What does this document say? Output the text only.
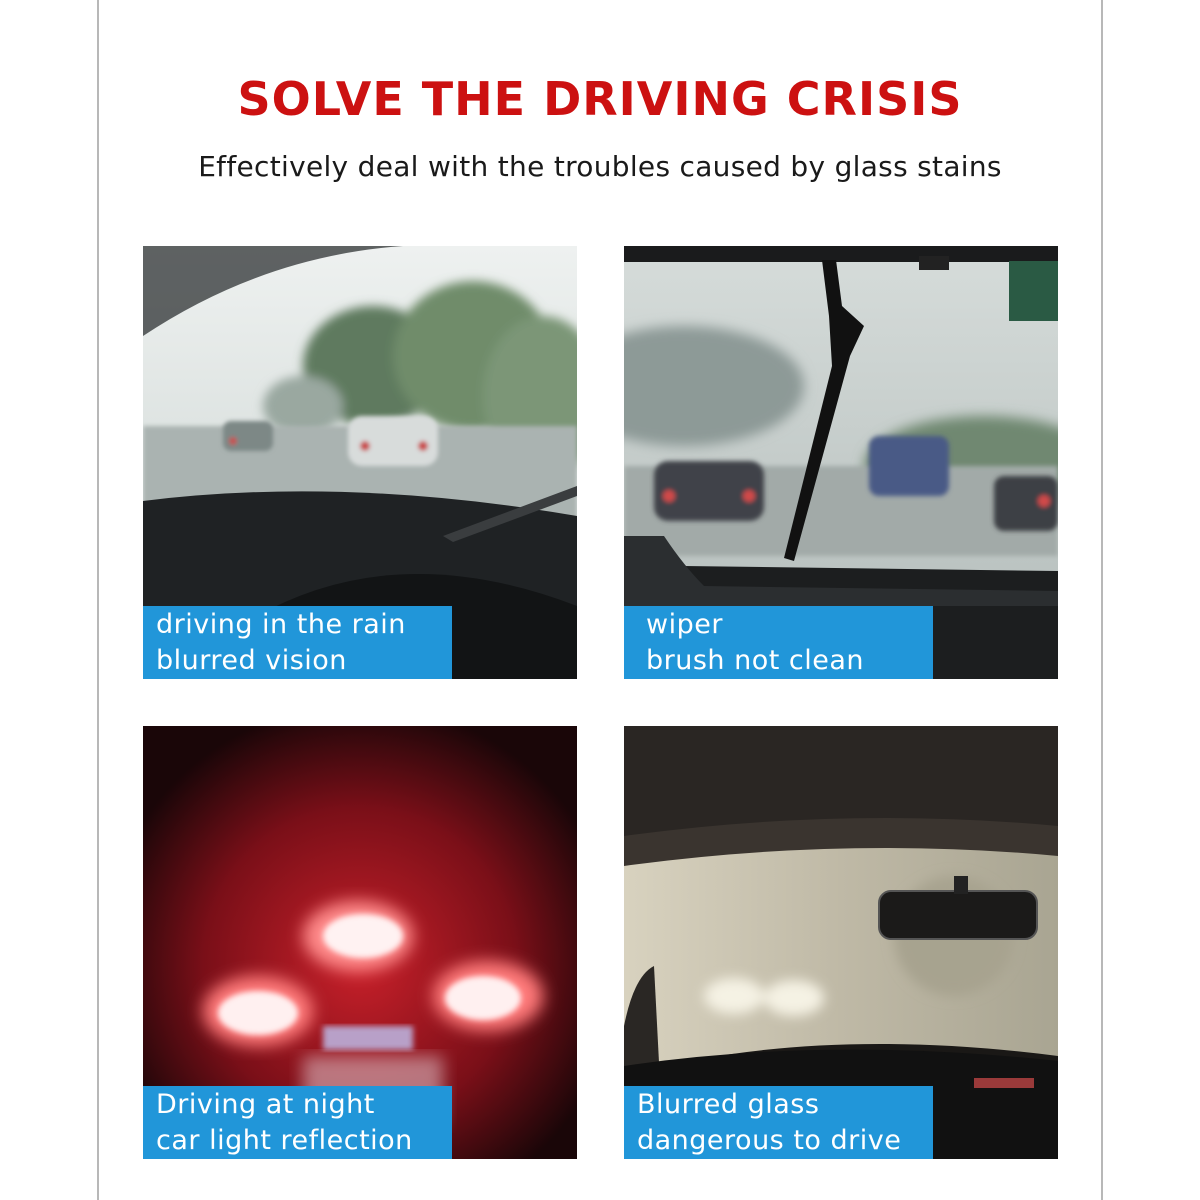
SOLVE THE DRIVING CRISIS
Effectively deal with the troubles caused by glass stains
driving in the rain
blurred vision
wiper
brush not clean
Driving at night
car light reflection
Blurred glass
dangerous to drive
